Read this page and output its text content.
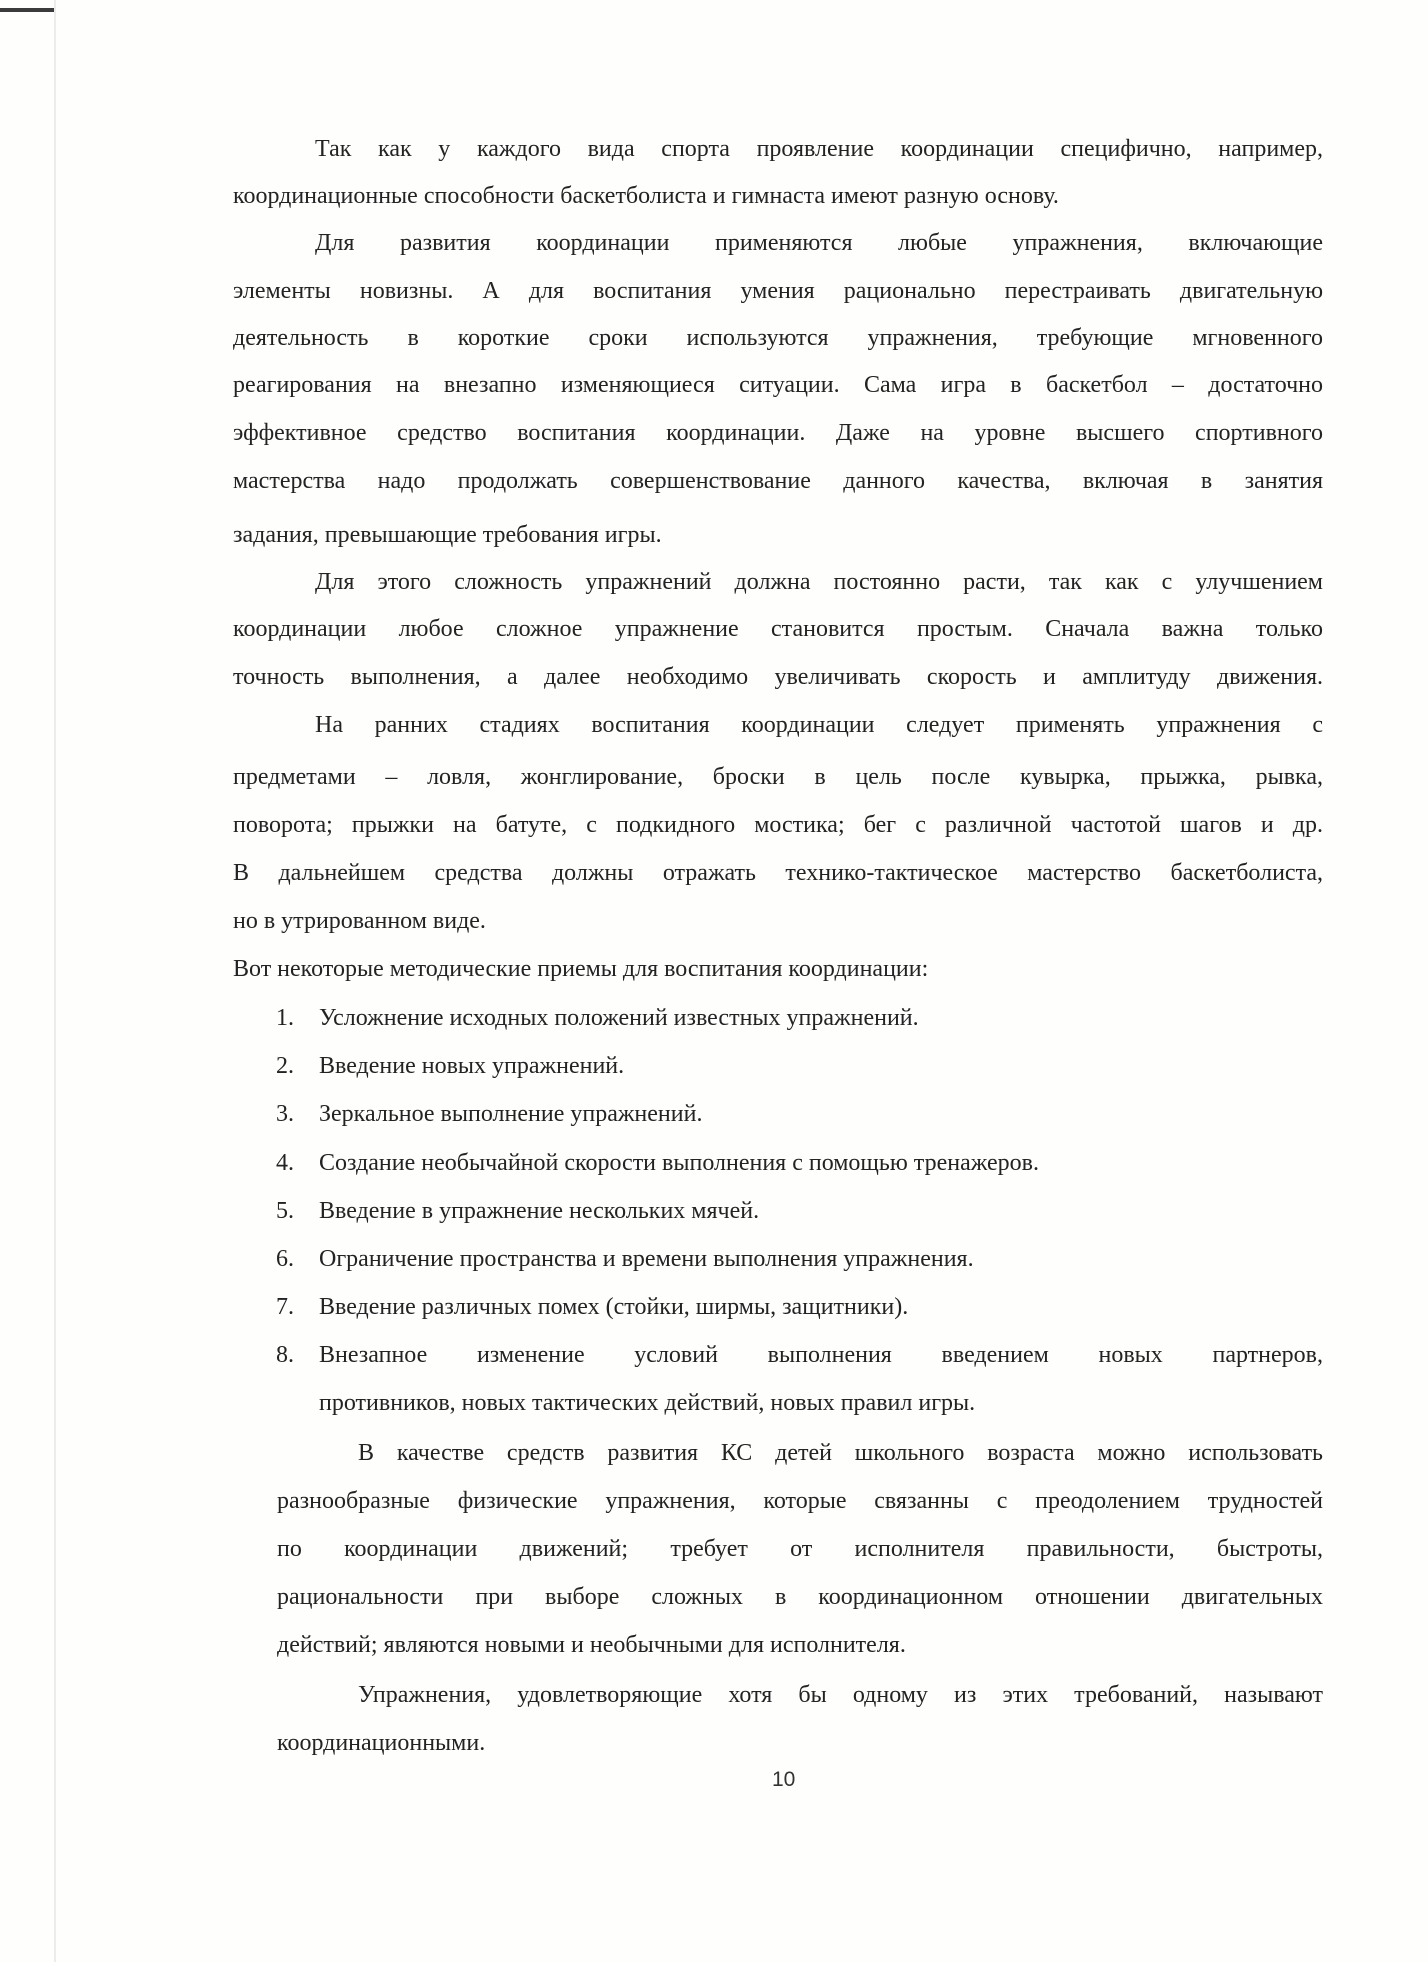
Так как у каждого вида спорта проявление координации специфично, например,
координационные способности баскетболиста и гимнаста имеют разную основу.
Для развития координации применяются любые упражнения, включающие
элементы новизны. А для воспитания умения рационально перестраивать двигательную
деятельность в короткие сроки используются упражнения, требующие мгновенного
реагирования на внезапно изменяющиеся ситуации. Сама игра в баскетбол – достаточно
эффективное средство воспитания координации. Даже на уровне высшего спортивного
мастерства надо продолжать совершенствование данного качества, включая в занятия
задания, превышающие требования игры.
Для этого сложность упражнений должна постоянно расти, так как с улучшением
координации любое сложное упражнение становится простым. Сначала важна только
точность выполнения, а далее необходимо увеличивать скорость и амплитуду движения.
На ранних стадиях воспитания координации следует применять упражнения с
предметами – ловля, жонглирование, броски в цель после кувырка, прыжка, рывка,
поворота; прыжки на батуте, с подкидного мостика; бег с различной частотой шагов и др.
В дальнейшем средства должны отражать технико-тактическое мастерство баскетболиста,
но в утрированном виде.
Вот некоторые методические приемы для воспитания координации:
1. Усложнение исходных положений известных упражнений.
2. Введение новых упражнений.
3. Зеркальное выполнение упражнений.
4. Создание необычайной скорости выполнения с помощью тренажеров.
5. Введение в упражнение нескольких мячей.
6. Ограничение пространства и времени выполнения упражнения.
7. Введение различных помех (стойки, ширмы, защитники).
8. Внезапное изменение условий выполнения введением новых партнеров,
противников, новых тактических действий, новых правил игры.
В качестве средств развития КС детей школьного возраста можно использовать
разнообразные физические упражнения, которые связанны с преодолением трудностей
по координации движений; требует от исполнителя правильности, быстроты,
рациональности при выборе сложных в координационном отношении двигательных
действий; являются новыми и необычными для исполнителя.
Упражнения, удовлетворяющие хотя бы одному из этих требований, называют
координационными.
10
